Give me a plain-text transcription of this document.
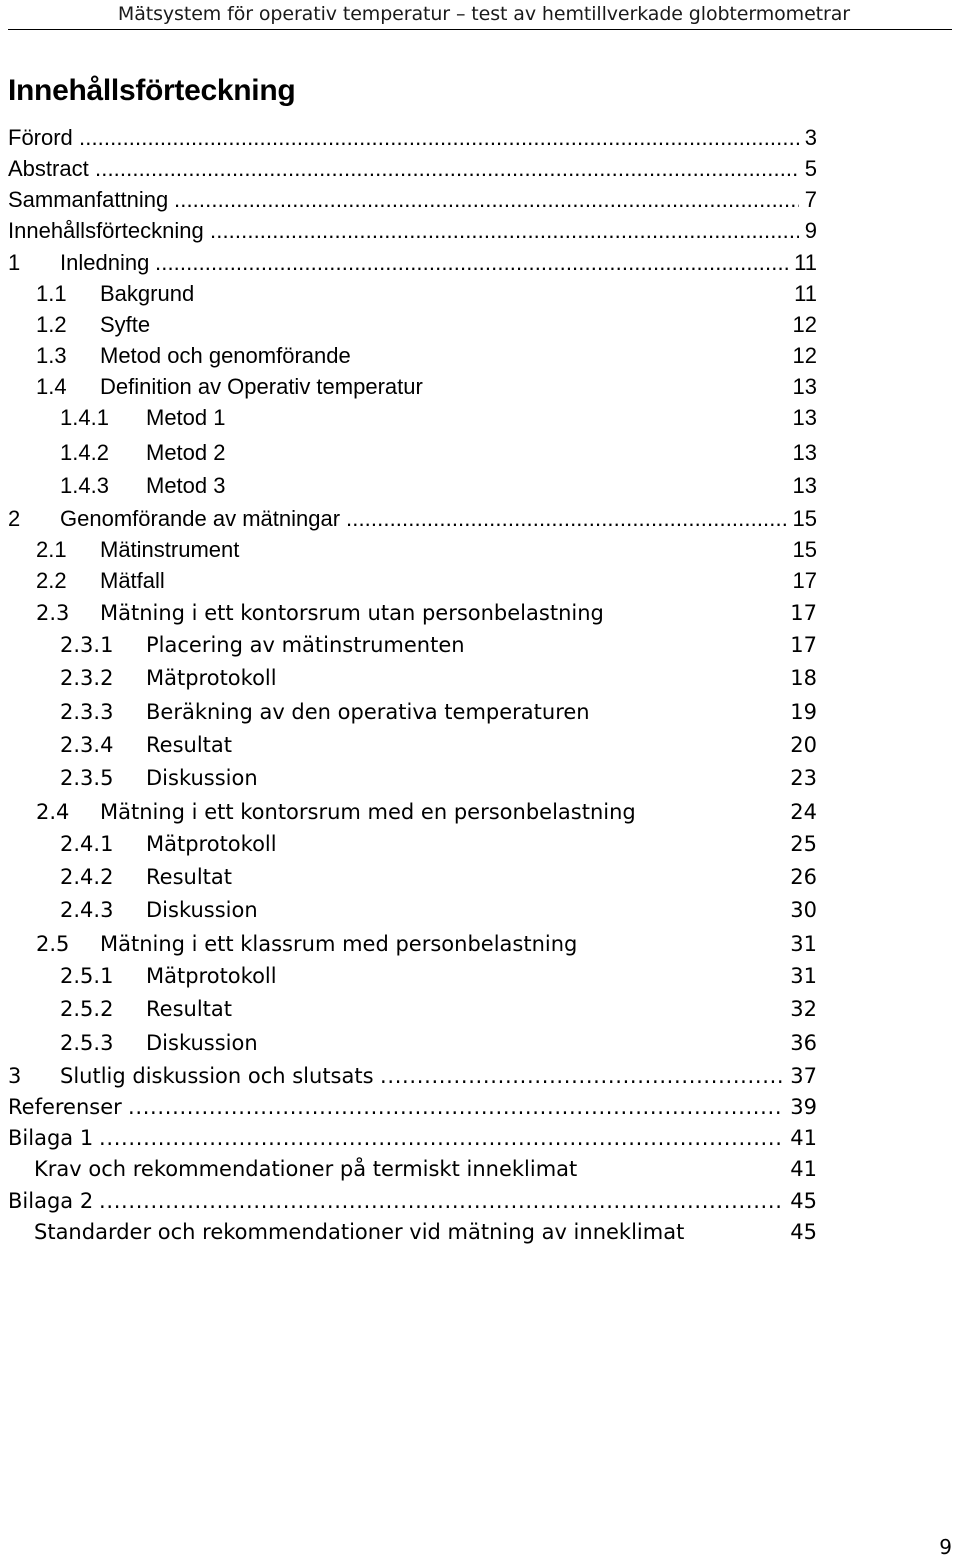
Mätsystem för operativ temperatur – test av hemtillverkade globtermometrar
Innehållsförteckning
Förord	3
. . .
Abstract	5
. . .
Sammanfattning	7
. . .
Innehållsförteckning	9
. . .
1 Inledning	11
. . .
1.1 Bakgrund	11
1.2 Syfte	12
1.3 Metod och genomförande	12
1.4 Definition av Operativ temperatur	13
1.4.1 Metod 1	13
1.4.2 Metod 2	13
1.4.3 Metod 3	13
2 Genomförande av mätningar	15
. . .
2.1 Mätinstrument	15
2.2 Mätfall	17
2.3 Mätning i ett kontorsrum utan personbelastning	17
2.3.1 Placering av mätinstrumenten	17
2.3.2 Mätprotokoll	18
2.3.3 Beräkning av den operativa temperaturen	19
2.3.4 Resultat	20
2.3.5 Diskussion	23
2.4 Mätning i ett kontorsrum med en personbelastning	24
2.4.1 Mätprotokoll	25
2.4.2 Resultat	26
2.4.3 Diskussion	30
2.5 Mätning i ett klassrum med personbelastning	31
2.5.1 Mätprotokoll	31
2.5.2 Resultat	32
2.5.3 Diskussion	36
3 Slutlig diskussion och slutsats	37
. . .
Referenser	39
. . .
Bilaga 1	41
. . .
Krav och rekommendationer på termiskt inneklimat	41
Bilaga 2	45
. . .
Standarder och rekommendationer vid mätning av inneklimat	45
9
